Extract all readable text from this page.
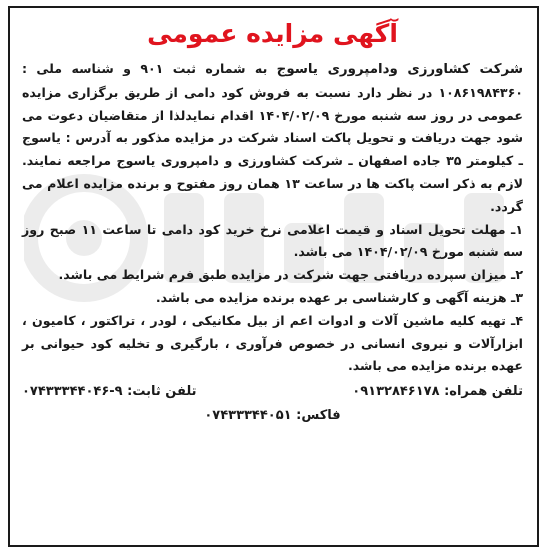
آگهی مزایده عمومی

شرکت کشاورزی ودامپروری یاسوج به شماره ثبت ۹۰۱ و شناسه ملی : ۱۰۸۶۱۹۸۴۳۶۰ در نظر دارد نسبت به فروش کود دامی از طریق برگزاری مزایده عمومی در روز سه شنبه مورخ ۱۴۰۴/۰۲/۰۹ اقدام نمایدلذا از متقاضیان دعوت می شود جهت دریافت و تحویل پاکت اسناد شرکت در مزایده مذکور به آدرس : یاسوج ـ کیلومتر ۳۵ جاده اصفهان ـ شرکت کشاورزی و دامپروری یاسوج مراجعه نمایند. لازم به ذکر است پاکت ها در ساعت ۱۳ همان روز مفتوح و برنده مزایده اعلام می گردد.

۱ـ مهلت تحویل اسناد و قیمت اعلامی نرخ خرید کود دامی تا ساعت ۱۱ صبح روز سه شنبه مورخ ۱۴۰۴/۰۲/۰۹ می باشد.

۲ـ میزان سپرده دریافتی جهت شرکت در مزایده طبق فرم شرایط می باشد.

۳ـ هزینه آگهی و کارشناسی بر عهده برنده مزایده می باشد.

۴ـ تهیه کلیه ماشین آلات و ادوات اعم از بیل مکانیکی ، لودر ، تراکتور ، کامیون ، ابزارآلات و نیروی انسانی در خصوص فرآوری ، بارگیری و تخلیه کود حیوانی بر عهده برنده مزایده می باشد.

تلفن همراه: ۰۹۱۳۲۸۴۶۱۷۸
تلفن ثابت: ۰۷۴۳۳۳۴۴۰۴۶-۹
فاکس: ۰۷۴۳۳۳۴۴۰۵۱
